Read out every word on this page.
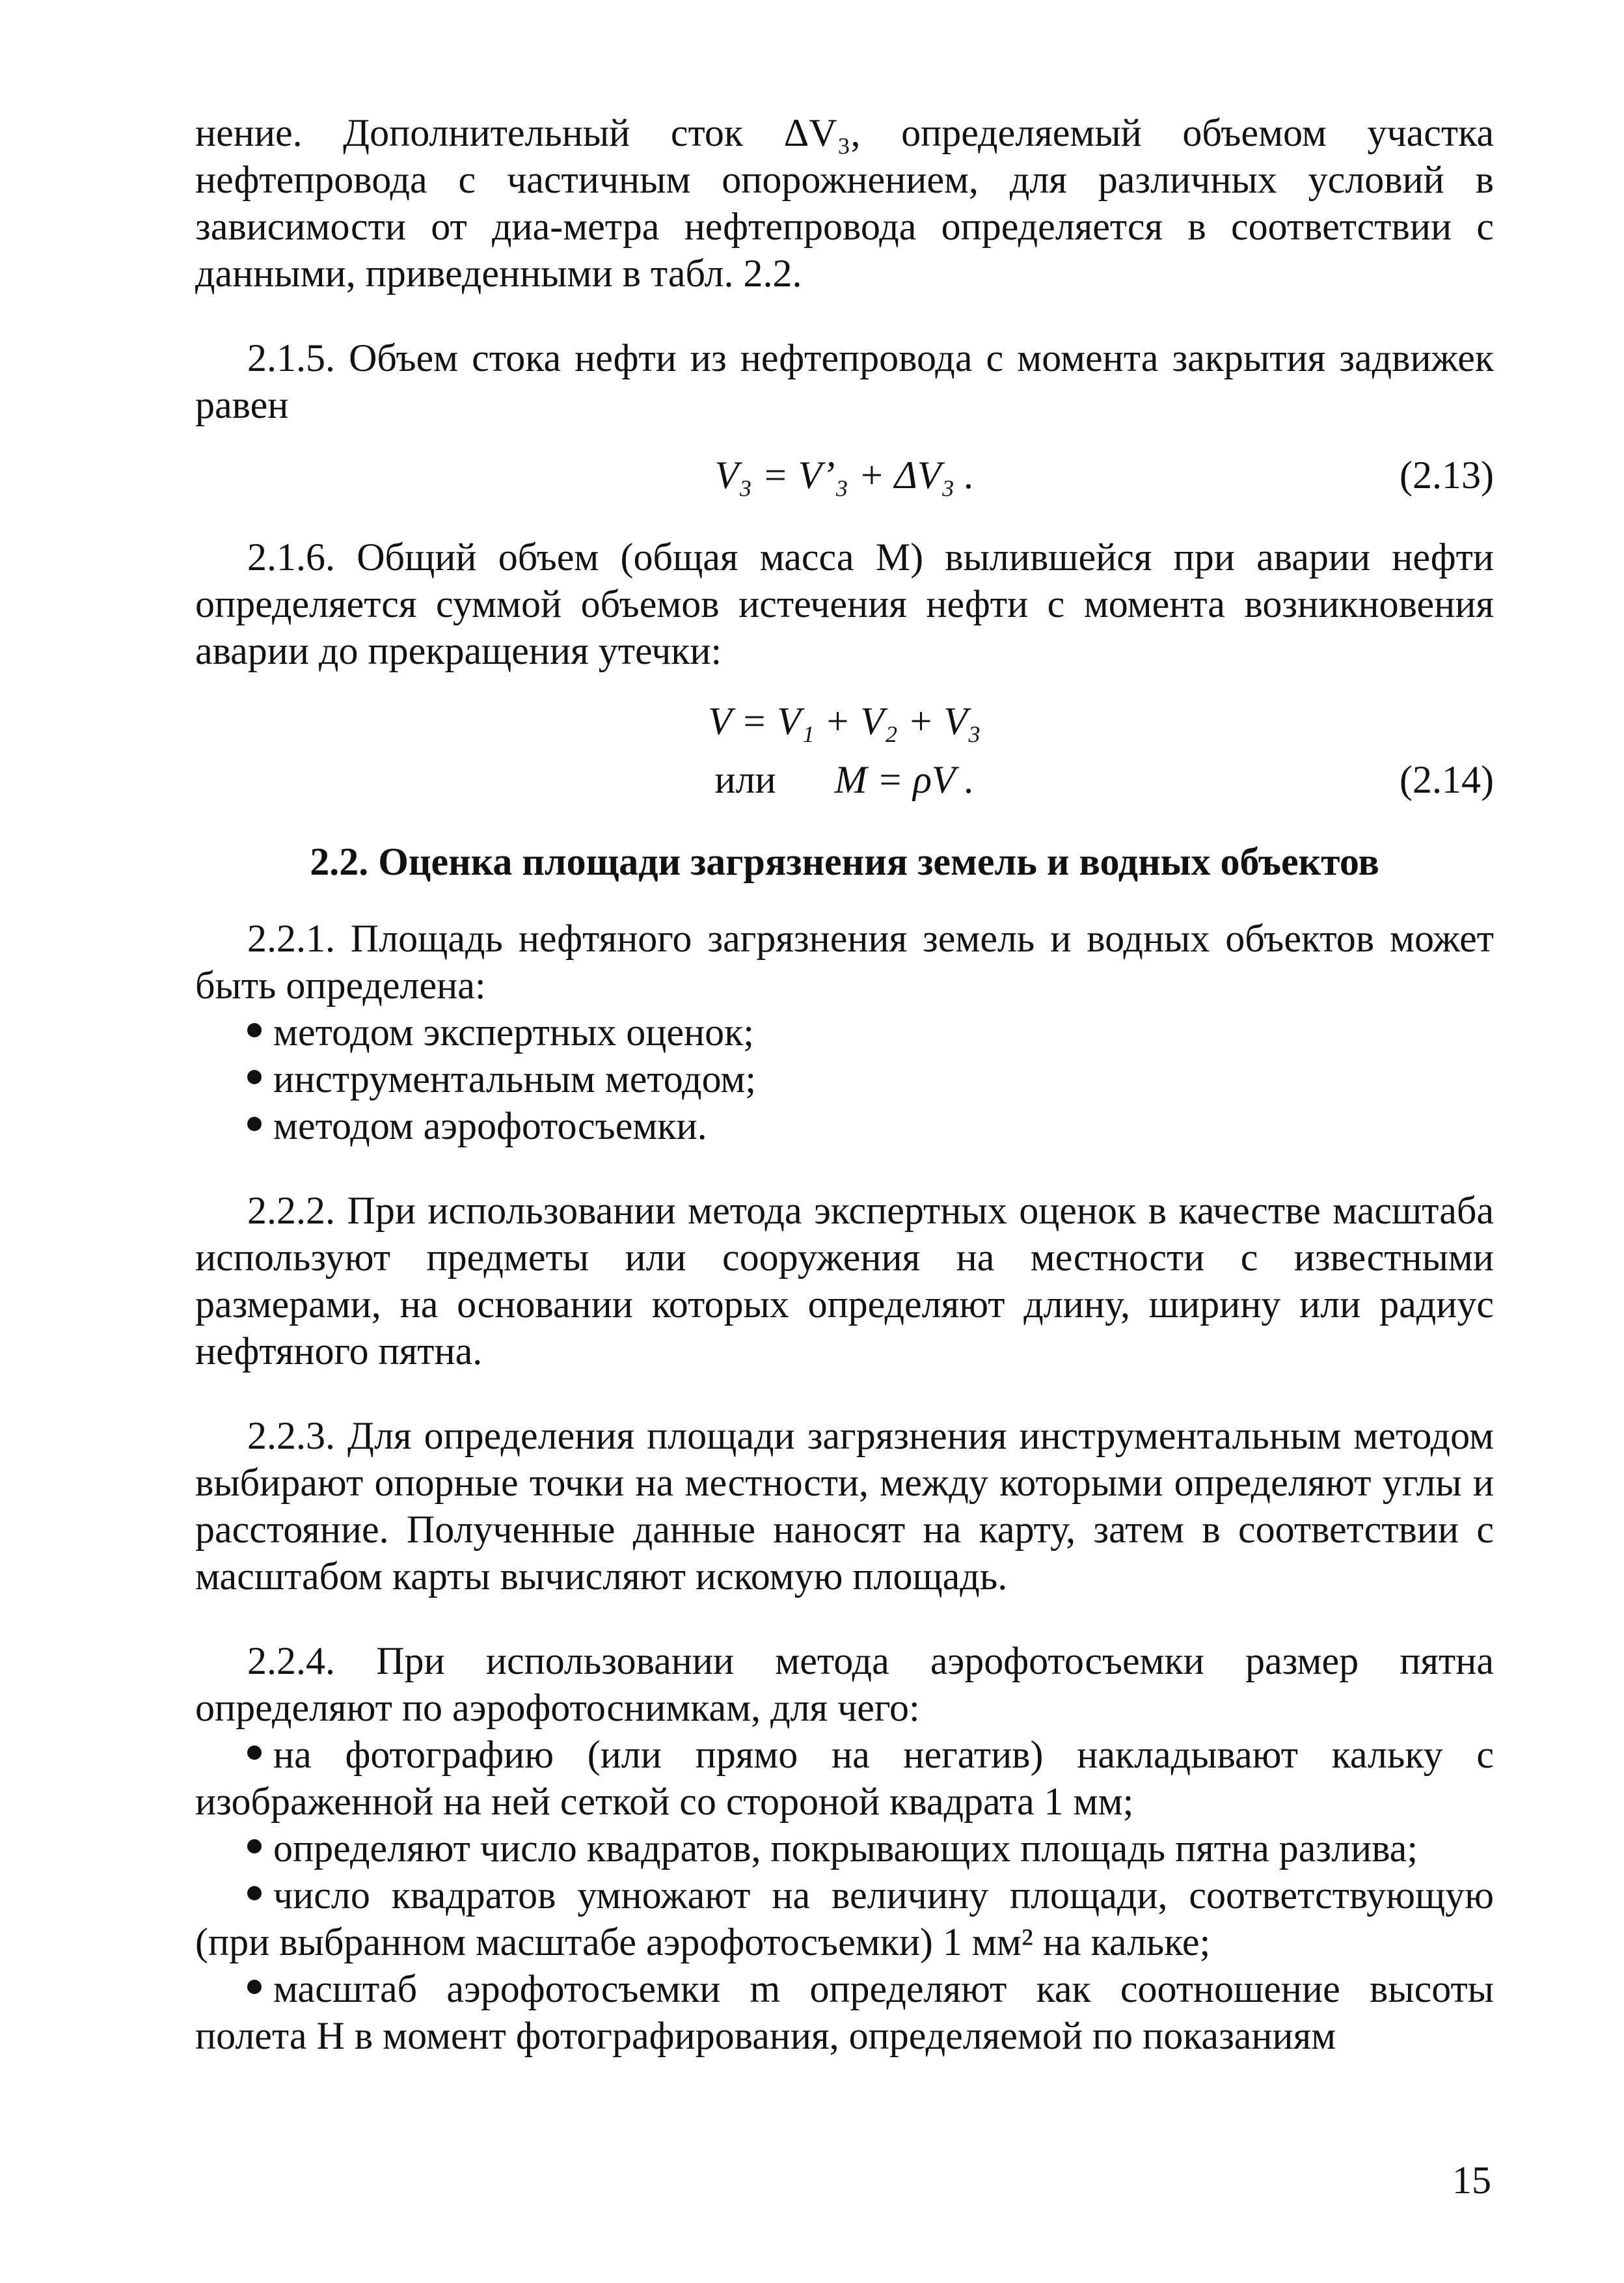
нение. Дополнительный сток ΔV₃, определяемый объемом участка нефтепровода с частичным опорожнением, для различных условий в зависимости от диа-метра нефтепровода определяется в соответствии с данными, приведенными в табл. 2.2.

2.1.5. Объем стока нефти из нефтепровода с момента закрытия задвижек равен

V₃ = V’₃ + ΔV₃ .	(2.13)

2.1.6. Общий объем (общая масса M) вылившейся при аварии нефти определяется суммой объемов истечения нефти с момента возникновения аварии до прекращения утечки:

V = V₁ + V₂ + V₃
или M = ρV .	(2.14)
2.2. Оценка площади загрязнения земель и водных объектов

2.2.1. Площадь нефтяного загрязнения земель и водных объектов может быть определена:

методом экспертных оценок;

инструментальным методом;

методом аэрофотосъемки.

2.2.2. При использовании метода экспертных оценок в качестве масштаба используют предметы или сооружения на местности с известными размерами, на основании которых определяют длину, ширину или радиус нефтяного пятна.

2.2.3. Для определения площади загрязнения инструментальным методом выбирают опорные точки на местности, между которыми определяют углы и расстояние. Полученные данные наносят на карту, затем в соответствии с масштабом карты вычисляют искомую площадь.

2.2.4. При использовании метода аэрофотосъемки размер пятна определяют по аэрофотоснимкам, для чего:

на фотографию (или прямо на негатив) накладывают кальку с изображенной на ней сеткой со стороной квадрата 1 мм;

определяют число квадратов, покрывающих площадь пятна разлива;

число квадратов умножают на величину площади, соответствующую (при выбранном масштабе аэрофотосъемки) 1 мм² на кальке;

масштаб аэрофотосъемки m определяют как соотношение высоты полета H в момент фотографирования, определяемой по показаниям

15
